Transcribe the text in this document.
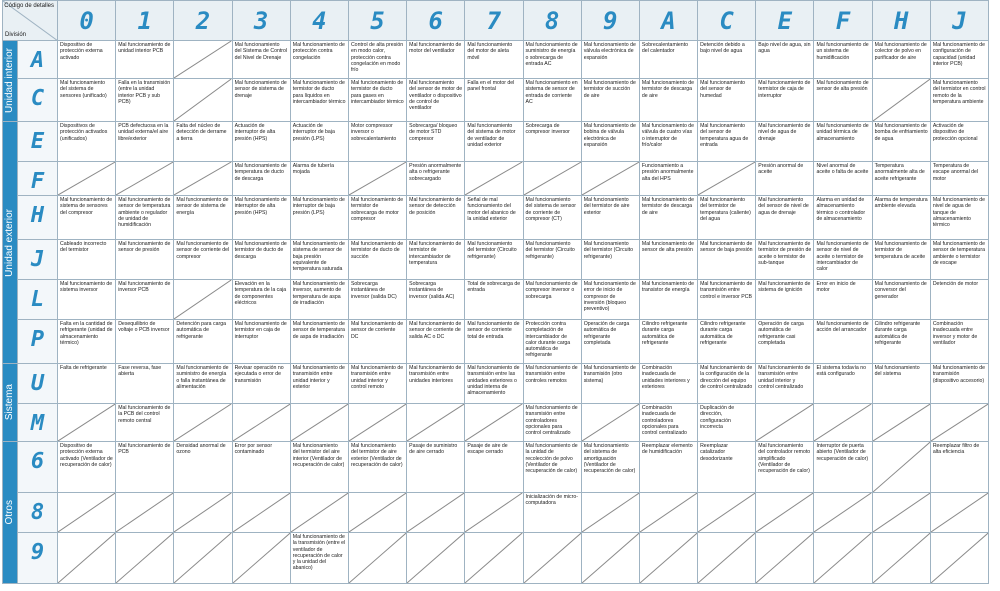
Código de detalles
División		0	1	2	3	4	5	6	7	8	9	A	C	E	F	H	J

Unidad interior	A	Dispositivo de protección externa activado	Mal funcionamiento de unidad interior PCB		Mal funcionamiento del Sistema de Control del Nivel de Drenaje	Mal funcionamiento de protección contra congelación	Control de alta presión en modo calor, protección contra congelación en modo frío	Mal funcionamiento de motor del ventilador	Mal funcionamiento del motor de aleta móvil	Mal funcionamiento de suministro de energía o sobrecarga de entrada AC	Mal funcionamiento de válvula electrónica de expansión	Sobrecalentamiento del calentador	Detención debido a bajo nivel de agua	Bajo nivel de agua, sin agua	Mal funcionamiento de un sistema de humidificación	Mal funcionamiento de colector de polvo en purificador de aire	Mal funcionamiento de configuración de capacidad (unidad interior PCB)

	C	Mal funcionamiento del sistema de sensores (unificado)	Falla en la transmisión (entre la unidad interior PCB y sub PCB)		Mal funcionamiento de sensor de sistema de drenaje	Mal funcionamiento de termistor de ducto para líquidos en intercambiador térmico	Mal funcionamiento de termistor de ducto para gases en intercambiador térmico	Mal funcionamiento del sensor de motor de ventilador o dispositivo de control de ventilador	Falla en el motor del panel frontal	Mal funcionamiento en sistema de sensor de entrada de corriente AC	Mal funcionamiento de termistor de succión de aire	Mal funcionamiento de termistor de descarga de aire	Mal funcionamiento del sensor de humedad	Mal funcionamiento de termistor de caja de interruptor	Mal funcionamiento de sensor de alta presión		Mal funcionamiento del termistor en control remoto de la temperatura ambiente

Unidad exterior	E	Dispositivos de protección activados (unificados)	PCB defectuosa en la unidad externa/el aire libre/exterior	Falta del núcleo de detección de derrame a tierra	Actuación de interruptor de alta presión (HPS)	Actuación de interruptor de baja presión (LPS)	Motor compressor inversor o sobrecalentamiento	Sobrecarga/ bloqueo de motor STD compresor	Mal funcionamiento del sistema de motor de ventilador de unidad exterior	Sobrecarga de compresor inversor	Mal funcionamiento de bobina de válvula electrónica de expansión	Mal funcionamiento de válvula de cuatro vías o interruptor de frío/calor	Mal funcionamiento del sensor de temperatura agua de entrada	Mal funcionamiento de nivel de agua de drenaje	Mal funcionamiento de unidad térmica de almacenamiento	Mal funcionamiento de bomba de enfriamiento de agua	Activación de dispositivo de protección opcional

	F				Mal funcionamiento de temperatura de ducto de descarga	Alarma de tubería mojada		Presión anormalmente alta o refrigerante sobrecargado				Funcionamiento a presión anormalmente alta del HPS		Presión anormal de aceite	Nivel anormal de aceite o falta de aceite	Temperatura anormalmente alta de aceite refrigerante	Temperatura de escape anormal del motor

	H	Mal funcionamiento de sistema de sensores del compresor	Mal funcionamiento de sensor de temperatura ambiente o regulador de unidad de humidificación	Mal funcionamiento de sensor de sistema de energía	Mal funcionamiento de interruptor de alta presión (HPS)	Mal funcionamiento de interruptor de baja presión (LPS)	Mal funcionamiento de termistor de sobrecarga de motor compresor	Mal funcionamiento de sensor de detección de posición	Señal de mal funcionamiento del motor del abanico de la unidad exterior	Mal funcionamiento del sistema de sensor de corriente de compresor (CT)	Mal funcionamiento del termistor de aire exterior	Mal funcionamiento de termistor de descarga de aire	Mal funcionamiento del termistor de temperatura (caliente) del agua	Mal funcionamiento del sensor de nivel de agua de drenaje	Alarma en unidad de almacenamiento térmico o controlador de almacenamiento	Alarma de temperatura ambiente elevada	Mal funcionamiento de nivel de agua de tanque de almacenamiento térmico

	J	Cableado incorrecto del termistor	Mal funcionamiento de sensor de presión	Mal funcionamiento de sensor de corriente del compresor	Mal funcionamiento de termistor de ducto de descarga	Mal funcionamiento de sistema de sensor de baja presión equivalente de temperatura saturada	Mal funcionamiento de termistor de ducto de succión	Mal funcionamiento de termistor de intercambiador de temperatura	Mal funcionamiento del termistor (Circuito refrigerante)	Mal funcionamiento del termistor (Circuito refrigerante)	Mal funcionamiento del termistor (Circuito refrigerante)	Mal funcionamiento de sensor de alta presión	Mal funcionamiento de sensor de baja presión	Mal funcionamiento de termistor de presión de aceite o termistor de sub-tanque	Mal funcionamiento de sensor de nivel de aceite o termistor de intercambiador de calor	Mal funcionamiento de termistor de temperatura de aceite	Mal funcionamiento de sensor de temperatura ambiente o termistor de escape

	L	Mal funcionamiento de sistema inversor	Mal funcionamiento de inversor PCB		Elevación en la temperatura de la caja de componentes eléctricos	Mal funcionamiento de inversor, aumento de temperatura de aspa de irradiación	Sobrecarga instantánea de inversor (salida DC)	Sobrecarga instantánea de inversor (salida AC)	Total de sobrecarga de entrada	Mal funcionamiento de compresor inversor o sobrecarga	Mal funcionamiento de error de inicio de compresor de inversión (bloqueo preventivo)	Mal funcionamiento de transistor de energía	Mal funcionamiento de transmisión entre control e inversor PCB	Mal funcionamiento de sistema de ignición	Error en inicio de motor	Mal funcionamiento de conversor del generador	Detención de motor

	P	Falta en la cantidad de refrigerante (unidad de almacenamiento térmico)	Desequilibrio de voltaje o PCB inversor	Detención para carga automática de refrigerante	Mal funcionamiento de termistor en caja de interruptor	Mal funcionamiento de sensor de temperatura de aspa de irradiación	Mal funcionamiento de sensor de corriente DC	Mal funcionamiento de sensor de corriente de salida AC o DC	Mal funcionamiento de sensor de corriente total de entrada	Protección contra completación de intercambiador de calor durante carga automática de refrigerante	Operación de carga automática de refrigerante completada	Cilindro refrigerante durante carga automática de refrigerante	Cilindro refrigerante durante carga automática de refrigerante	Operación de carga automática de refrigerante casi completada	Mal funcionamiento de acción del arrancador	Cilindro refrigerante durante carga automática de refrigerante	Combinación inadecuada entre inversor y motor de ventilador

Sistema	U	Falta de refrigerante	Fase reversa, fase abierta	Mal funcionamiento de suministro de energía o falla instantánea de alimentación	Revisar operación no ejecutada o error de transmisión	Mal funcionamiento de transmisión entre unidad interior y exterior	Mal funcionamiento de transmisión entre unidad interior y control remoto	Mal funcionamiento de transmisión entre unidades interiores	Mal funcionamiento de transmisión entre las unidades exteriores o unidad interna de almacenamiento	Mal funcionamiento de transmisión entre controles remotos	Mal funcionamiento de transmisión (otro sistema)	Combinación inadecuada de unidades interiores y exteriores	Mal funcionamiento de la configuración de la dirección del equipo de control centralizado	Mal funcionamiento de transmisión entre unidad interior y control centralizado	El sistema todavía no está configurado	Mal funcionamiento del sistema	Mal funcionamiento de transmisión (dispositivo accesorio)

	M		Mal funcionamiento de la PCB del control remoto central							Mal funcionamiento de transmisión entre controladores opcionales para control centralizado		Combinación inadecuada de controladores opcionales para control centralizado	Duplicación de dirección, configuración incorrecta	

Otros	6	Dispositivo de protección externa activado (Ventilador de recuperación de calor)	Mal funcionamiento de PCB	Densidad anormal de ozono	Error por sensor contaminado	Mal funcionamiento del termistor del aire interior (Ventilador de recuperación de calor)	Mal funcionamiento del termistor de aire exterior (Ventilador de recuperación de calor)	Pasaje de suministro de aire cerrado	Pasaje de aire de escape cerrado	Mal funcionamiento de la unidad de recolección de polvo (Ventilador de recuperación de calor)	Mal funcionamiento del sistema de amortiguación (Ventilador de recuperación de calor)	Reemplazar elemento de humidificación	Reemplazar catalizador desodorizante	Mal funcionamiento del controlador remoto simplificado (Ventilador de recuperación de calor)	Interruptor de puerta abierto (Ventilador de recuperación de calor)		Reemplazar filtro de alta eficiencia

	8									Inicialización de micro-computadora	

	9					Mal funcionamiento de la transmisión (entre el ventilador de recuperación de calor y la unidad del abanico)	
